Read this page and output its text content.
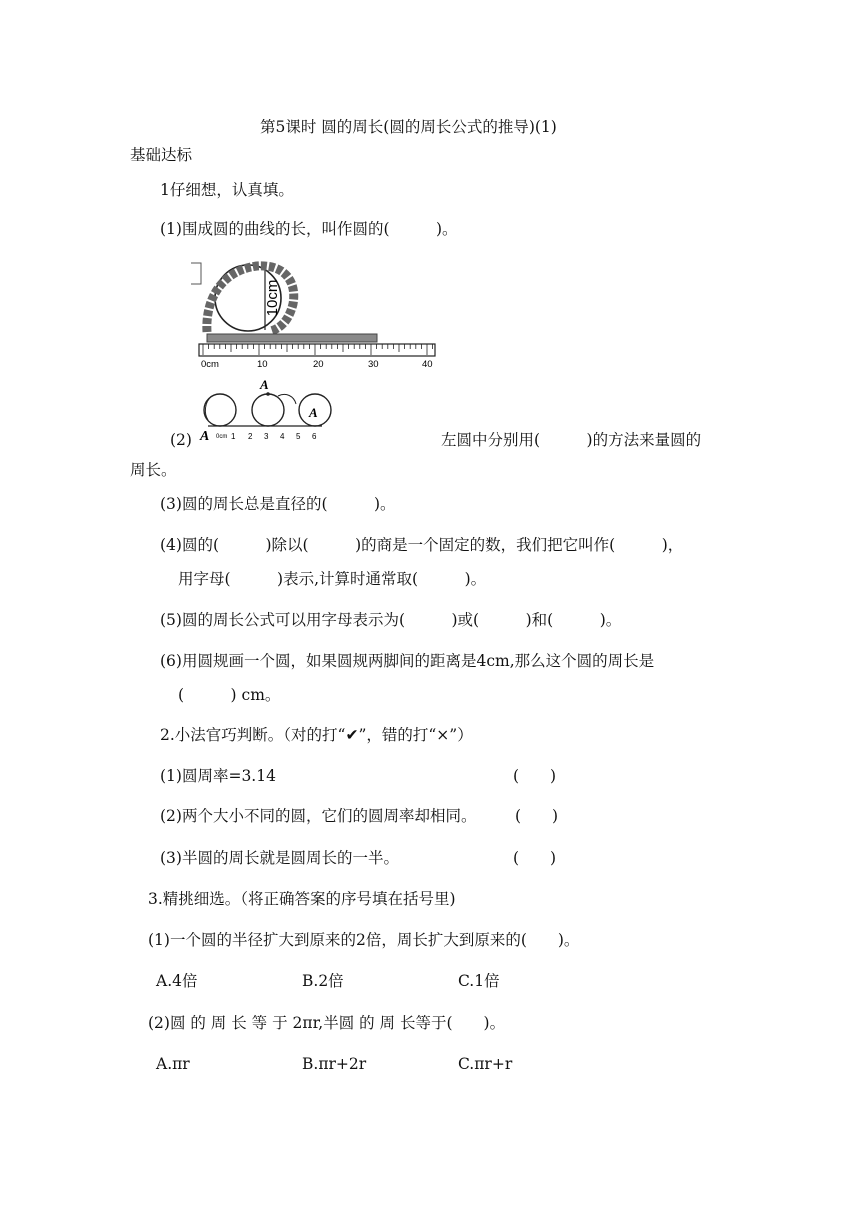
第5课时 圆的周长(圆的周长公式的推导)(1)
基础达标
1仔细想，认真填。
(1)围成圆的曲线的长，叫作圆的(　　　)。
10cm
0cm	10	20	30	40
A
A
A 0cm 1 2 3 4 5 6
(2)	左圆中分别用(　　　)的方法来量圆的
周长。
(3)圆的周长总是直径的(　　　)。
(4)圆的(　　　)除以(　　　)的商是一个固定的数，我们把它叫作(　　　)，
用字母(　　　)表示,计算时通常取(　　　)。
(5)圆的周长公式可以用字母表示为(　　　)或(　　　)和(　　　)。
(6)用圆规画一个圆，如果圆规两脚间的距离是4cm,那么这个圆的周长是
(　　　) cm。
2.小法官巧判断。（对的打“✔”，错的打“×”）
(1)圆周率=3.14	(　　)
(2)两个大小不同的圆，它们的圆周率却相同。 (　　)
(3)半圆的周长就是圆周长的一半。	(　　)
3.精挑细选。（将正确答案的序号填在括号里)
(1)一个圆的半径扩大到原来的2倍，周长扩大到原来的(　　)。
A.4倍	B.2倍	C.1倍
(2)圆 的 周 长 等 于 2πr,半圆 的 周 长等于(　　)。
A.πr	B.πr+2r	C.πr+r
